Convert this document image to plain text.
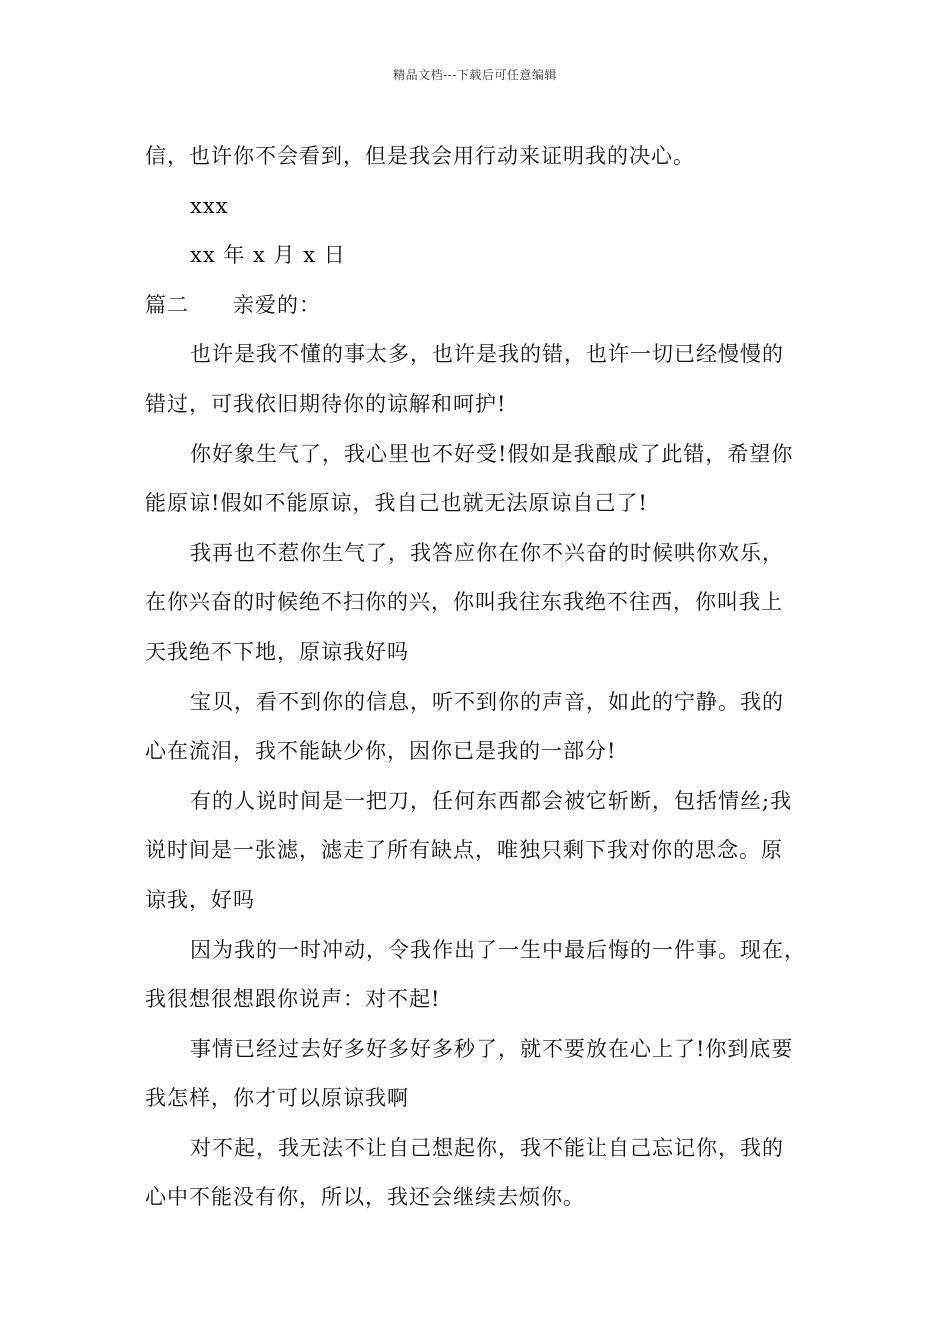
精品文档---下载后可任意编辑
信，也许你不会看到，但是我会用行动来证明我的决心。
xxx
xx 年 x 月 x 日
篇二 亲爱的：
也许是我不懂的事太多，也许是我的错，也许一切已经慢慢的
错过，可我依旧期待你的谅解和呵护!
你好象生气了，我心里也不好受!假如是我酿成了此错，希望你
能原谅!假如不能原谅，我自己也就无法原谅自己了!
我再也不惹你生气了，我答应你在你不兴奋的时候哄你欢乐，
在你兴奋的时候绝不扫你的兴，你叫我往东我绝不往西，你叫我上
天我绝不下地，原谅我好吗
宝贝，看不到你的信息，听不到你的声音，如此的宁静。我的
心在流泪，我不能缺少你，因你已是我的一部分!
有的人说时间是一把刀，任何东西都会被它斩断，包括情丝;我
说时间是一张滤，滤走了所有缺点，唯独只剩下我对你的思念。原
谅我，好吗
因为我的一时冲动，令我作出了一生中最后悔的一件事。现在，
我很想很想跟你说声：对不起!
事情已经过去好多好多好多秒了，就不要放在心上了!你到底要
我怎样，你才可以原谅我啊
对不起，我无法不让自己想起你，我不能让自己忘记你，我的
心中不能没有你，所以，我还会继续去烦你。
